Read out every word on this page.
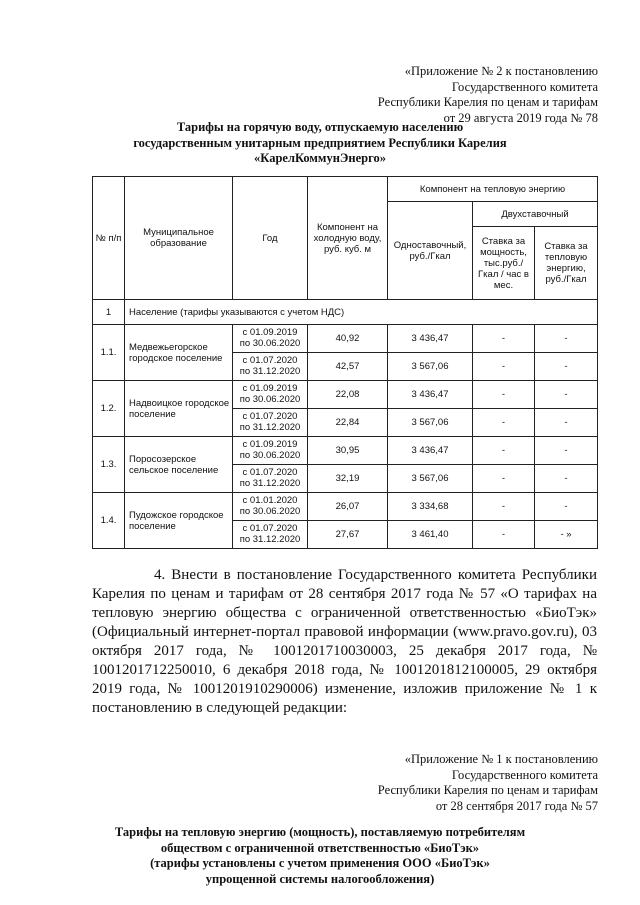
«Приложение № 2 к постановлению
Государственного комитета
Республики Карелия по ценам и тарифам
от 29 августа 2019 года № 78
Тарифы на горячую воду, отпускаемую населению
государственным унитарным предприятием Республики Карелия
«КарелКоммунЭнерго»
№ п/п	Муниципальное образование	Год	Компонент на холодную воду, руб. куб. м	Компонент на тепловую энергию		
				Одноставочный, руб./Гкал	Двухставочный	
					Ставка за мощность, тыс.руб./ Гкал / час в мес.	Ставка за тепловую энергию, руб./Гкал
1	Население (тарифы указываются с учетом НДС)					
1.1.	Медвежьегорское городское поселение	с 01.09.2019
по 30.06.2020	40,92	3 436,47	-	-

		с 01.07.2020
по 31.12.2020	42,57	3 567,06	-	-
1.2.	Надвоицкое городское поселение	с 01.09.2019
по 30.06.2020	22,08	3 436,47	-	-

		с 01.07.2020
по 31.12.2020	22,84	3 567,06	-	-
1.3.	Поросозерское сельское поселение	с 01.09.2019
по 30.06.2020	30,95	3 436,47	-	-

		с 01.07.2020
по 31.12.2020	32,19	3 567,06	-	-
1.4.	Пудожское городское поселение	с 01.01.2020
по 30.06.2020	26,07	3 334,68	-	-

		с 01.07.2020
по 31.12.2020	27,67	3 461,40	-	- »
4. Внести в постановление Государственного комитета Республики Карелия по ценам и тарифам от 28 сентября 2017 года № 57 «О тарифах на тепловую энергию общества с ограниченной ответственностью «БиоТэк» (Официальный интернет-портал правовой информации (www.pravo.gov.ru), 03 октября 2017 года, № 1001201710030003, 25 декабря 2017 года, № 1001201712250010, 6 декабря 2018 года, № 1001201812100005, 29 октября 2019 года, № 1001201910290006) изменение, изложив приложение № 1 к постановлению в следующей редакции:
«Приложение № 1 к постановлению
Государственного комитета
Республики Карелия по ценам и тарифам
от 28 сентября 2017 года № 57
Тарифы на тепловую энергию (мощность), поставляемую потребителям
обществом с ограниченной ответственностью «БиоТэк»
(тарифы установлены с учетом применения ООО «БиоТэк»
упрощенной системы налогообложения)
